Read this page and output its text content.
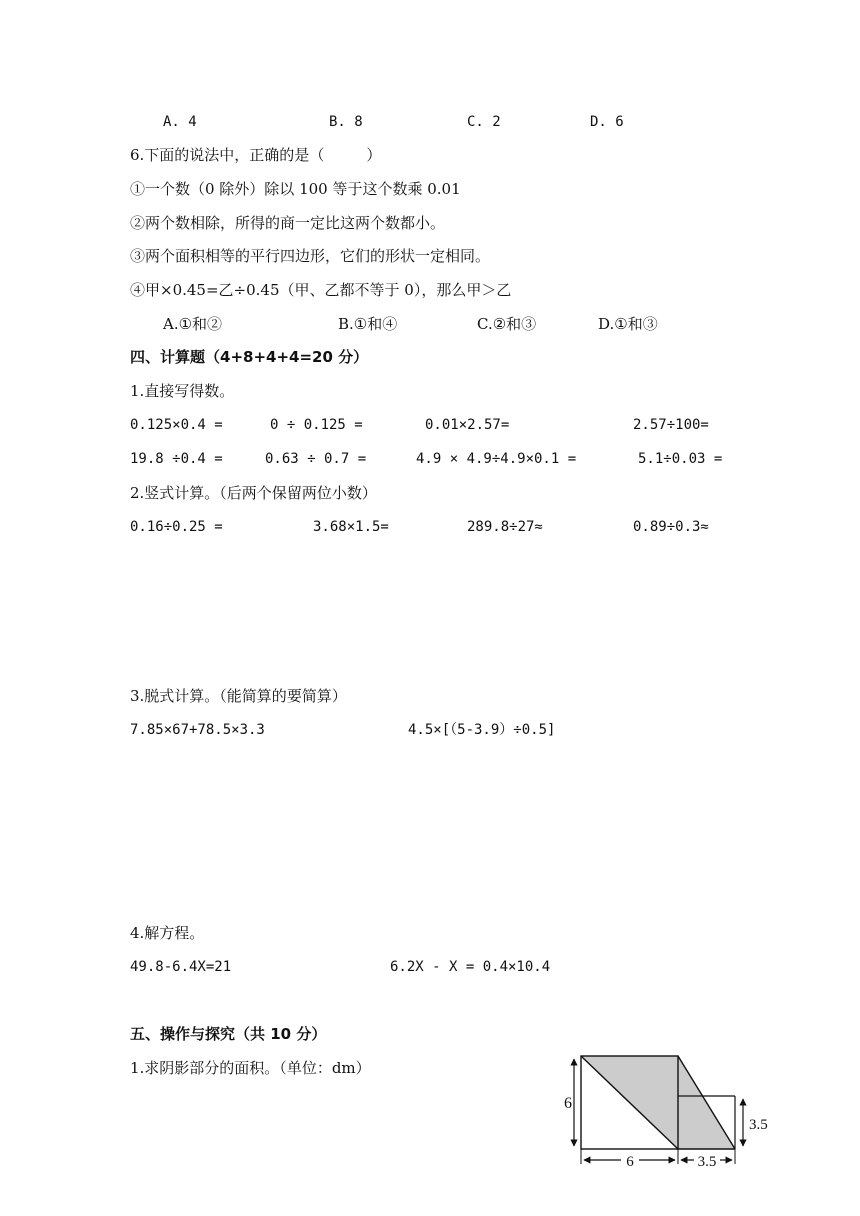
A. 4	B. 8	C. 2	D. 6
6.下面的说法中，正确的是（	）
①一个数（0 除外）除以 100 等于这个数乘 0.01
②两个数相除，所得的商一定比这两个数都小。
③两个面积相等的平行四边形，它们的形状一定相同。
④甲×0.45=乙÷0.45（甲、乙都不等于 0），那么甲＞乙
A.①和②	B.①和④	C.②和③	D.①和③
四、计算题（4+8+4+4=20 分）
1.直接写得数。
0.125×0.4 =	0 ÷ 0.125 =	0.01×2.57=	2.57÷100=
19.8 ÷0.4 =	0.63 ÷ 0.7 =	4.9 × 4.9÷4.9×0.1 =	5.1÷0.03 =
2.竖式计算。（后两个保留两位小数）
0.16÷0.25 =	3.68×1.5=	289.8÷27≈	0.89÷0.3≈
3.脱式计算。（能简算的要简算）
7.85×67+78.5×3.3	4.5×[（5-3.9）÷0.5]
4.解方程。
49.8-6.4X=21	6.2X - X = 0.4×10.4
五、操作与探究（共 10 分）
1.求阴影部分的面积。（单位：dm）
6
3.5
6	3.5
